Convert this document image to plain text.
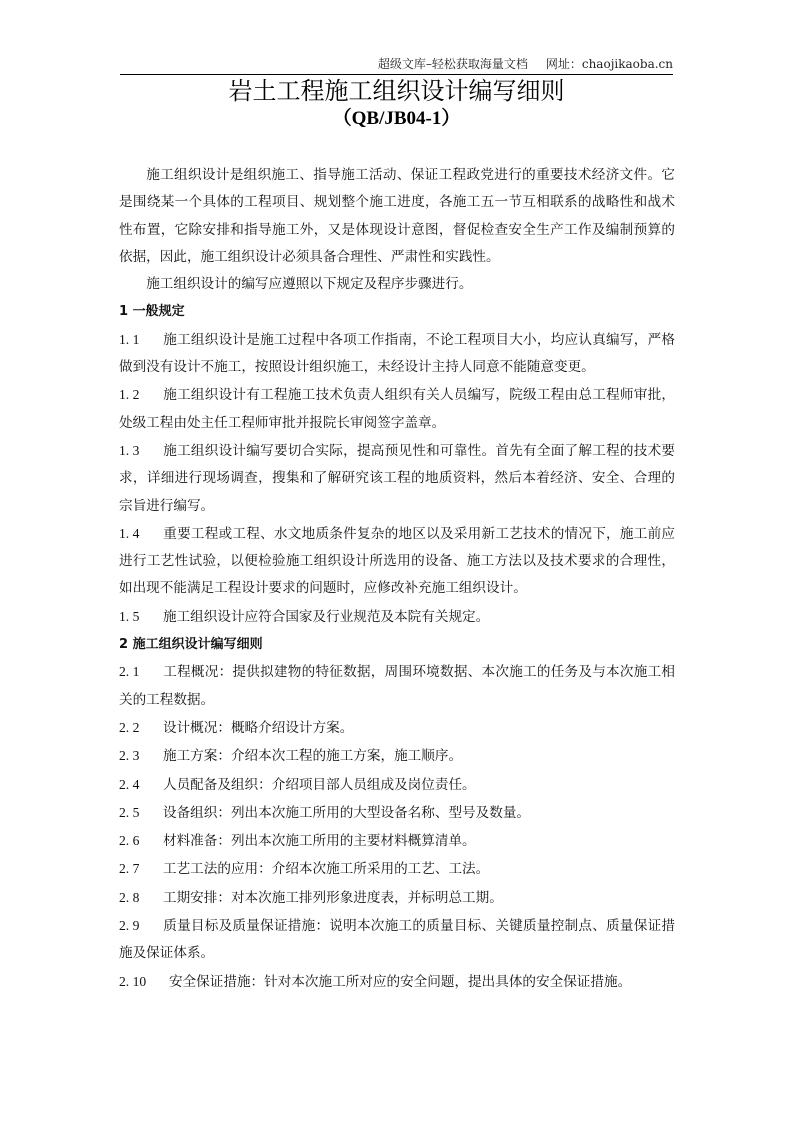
超级文库–轻松获取海量文档 网址：chaojikaoba.cn
岩土工程施工组织设计编写细则
（QB/JB04-1）

施工组织设计是组织施工、指导施工活动、保证工程政党进行的重要技术经济文件。它是围绕某一个具体的工程项目、规划整个施工进度，各施工五一节互相联系的战略性和战术性布置，它除安排和指导施工外，又是体现设计意图，督促检查安全生产工作及编制预算的依据，因此，施工组织设计必须具备合理性、严肃性和实践性。

施工组织设计的编写应遵照以下规定及程序步骤进行。

1 一般规定

1. 1 施工组织设计是施工过程中各项工作指南，不论工程项目大小，均应认真编写，严格做到没有设计不施工，按照设计组织施工，未经设计主持人同意不能随意变更。

1. 2 施工组织设计有工程施工技术负责人组织有关人员编写，院级工程由总工程师审批，处级工程由处主任工程师审批并报院长审阅签字盖章。

1. 3 施工组织设计编写要切合实际，提高预见性和可靠性。首先有全面了解工程的技术要求，详细进行现场调查，搜集和了解研究该工程的地质资料，然后本着经济、安全、合理的宗旨进行编写。

1. 4 重要工程或工程、水文地质条件复杂的地区以及采用新工艺技术的情况下，施工前应进行工艺性试验，以便检验施工组织设计所选用的设备、施工方法以及技术要求的合理性，如出现不能满足工程设计要求的问题时，应修改补充施工组织设计。

1. 5 施工组织设计应符合国家及行业规范及本院有关规定。

2 施工组织设计编写细则

2. 1 工程概况：提供拟建物的特征数据，周围环境数据、本次施工的任务及与本次施工相关的工程数据。

2. 2 设计概况：概略介绍设计方案。

2. 3 施工方案：介绍本次工程的施工方案，施工顺序。

2. 4 人员配备及组织：介绍项目部人员组成及岗位责任。

2. 5 设备组织：列出本次施工所用的大型设备名称、型号及数量。

2. 6 材料准备：列出本次施工所用的主要材料概算清单。

2. 7 工艺工法的应用：介绍本次施工所采用的工艺、工法。

2. 8 工期安排：对本次施工排列形象进度表，并标明总工期。

2. 9 质量目标及质量保证措施：说明本次施工的质量目标、关键质量控制点、质量保证措施及保证体系。

2. 10 安全保证措施：针对本次施工所对应的安全问题，提出具体的安全保证措施。
